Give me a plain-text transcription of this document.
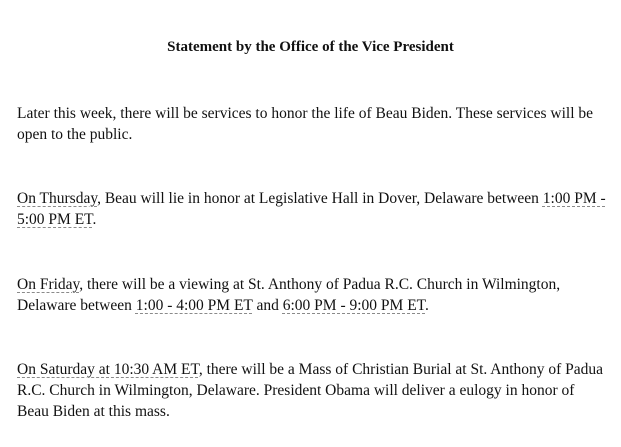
Statement by the Office of the Vice President

Later this week, there will be services to honor the life of Beau Biden. These services will be open to the public.

On Thursday, Beau will lie in honor at Legislative Hall in Dover, Delaware between 1:00 PM - 5:00 PM ET.

On Friday, there will be a viewing at St. Anthony of Padua R.C. Church in Wilmington, Delaware between 1:00 - 4:00 PM ET and 6:00 PM - 9:00 PM ET.

On Saturday at 10:30 AM ET, there will be a Mass of Christian Burial at St. Anthony of Padua R.C. Church in Wilmington, Delaware. President Obama will deliver a eulogy in honor of Beau Biden at this mass.
